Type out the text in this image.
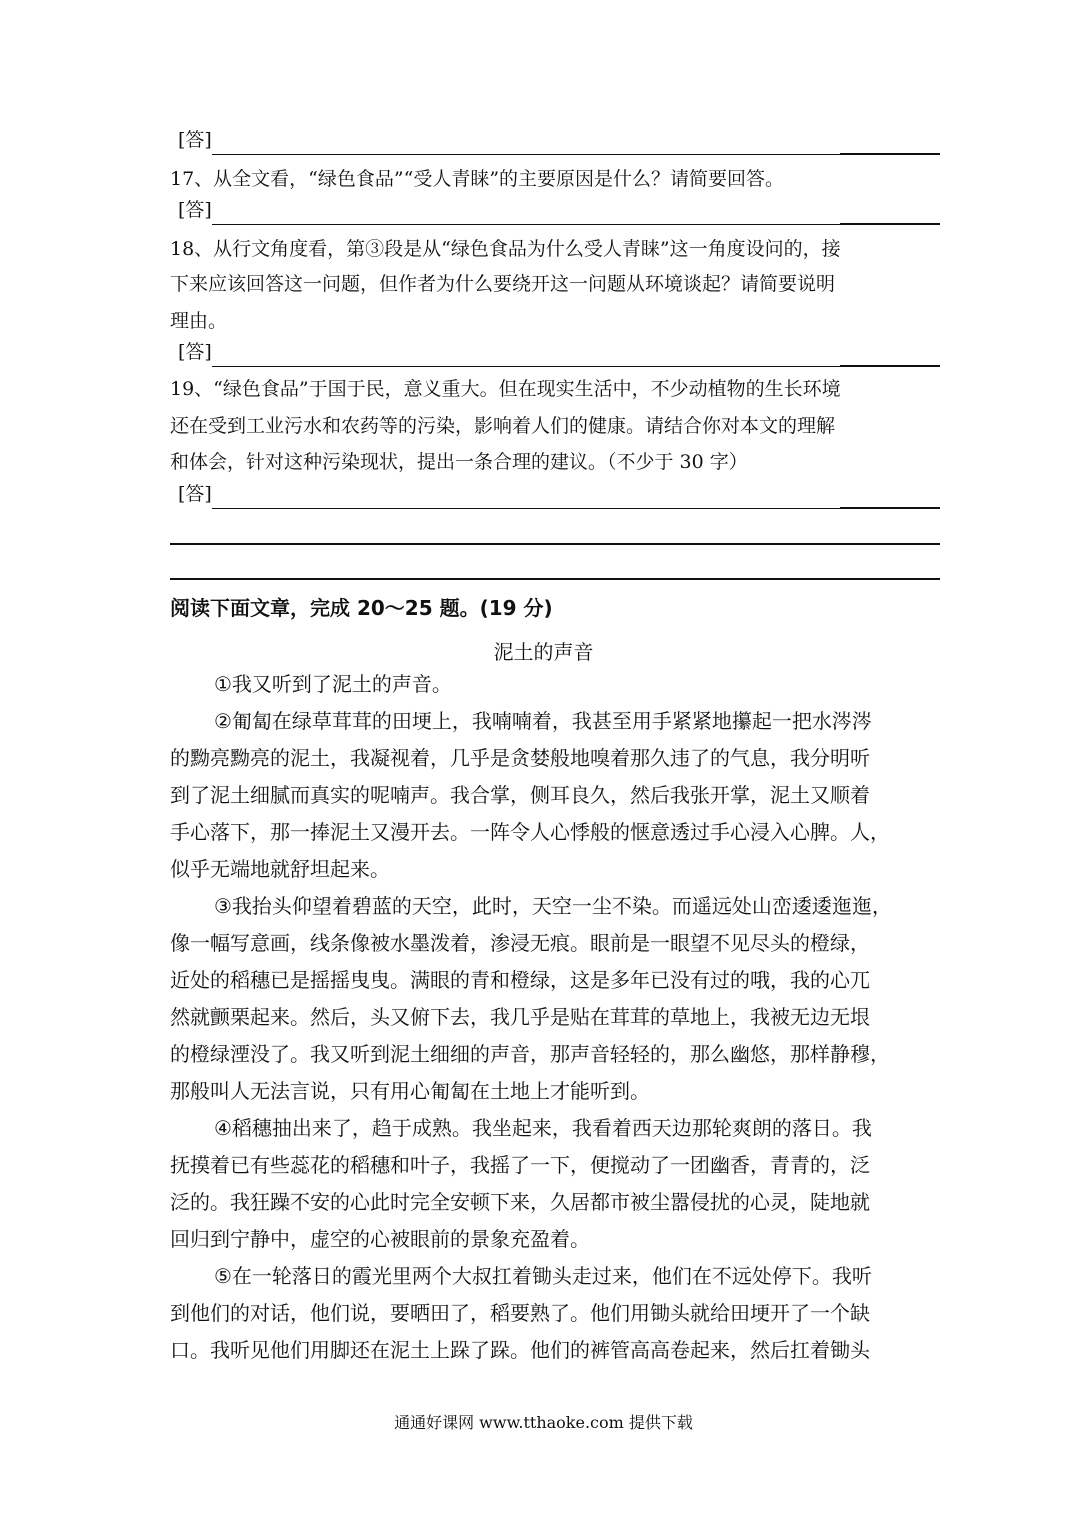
[答]
17、从全文看，“绿色食品”“受人青睐”的主要原因是什么？请简要回答。
[答]
18、从行文角度看，第③段是从“绿色食品为什么受人青睐”这一角度设问的，接
下来应该回答这一问题，但作者为什么要绕开这一问题从环境谈起？请简要说明
理由。
[答]
19、“绿色食品”于国于民，意义重大。但在现实生活中，不少动植物的生长环境
还在受到工业污水和农药等的污染，影响着人们的健康。请结合你对本文的理解
和体会，针对这种污染现状，提出一条合理的建议。（不少于 30 字）
[答]
阅读下面文章，完成 20～25 题。(19 分)
泥土的声音
①我又听到了泥土的声音。
②匍匐在绿草茸茸的田埂上，我喃喃着，我甚至用手紧紧地攥起一把水涔涔
的黝亮黝亮的泥土，我凝视着，几乎是贪婪般地嗅着那久违了的气息，我分明听
到了泥土细腻而真实的呢喃声。我合掌，侧耳良久，然后我张开掌，泥土又顺着
手心落下，那一捧泥土又漫开去。一阵令人心悸般的惬意透过手心浸入心脾。人，
似乎无端地就舒坦起来。
③我抬头仰望着碧蓝的天空，此时，天空一尘不染。而遥远处山峦逶逶迤迤，
像一幅写意画，线条像被水墨泼着，渗浸无痕。眼前是一眼望不见尽头的橙绿，
近处的稻穗已是摇摇曳曳。满眼的青和橙绿，这是多年已没有过的哦，我的心兀
然就颤栗起来。然后，头又俯下去，我几乎是贴在茸茸的草地上，我被无边无垠
的橙绿湮没了。我又听到泥土细细的声音，那声音轻轻的，那么幽悠，那样静穆，
那般叫人无法言说，只有用心匍匐在土地上才能听到。
④稻穗抽出来了，趋于成熟。我坐起来，我看着西天边那轮爽朗的落日。我
抚摸着已有些蕊花的稻穗和叶子，我摇了一下，便搅动了一团幽香，青青的，泛
泛的。我狂躁不安的心此时完全安顿下来，久居都市被尘嚣侵扰的心灵，陡地就
回归到宁静中，虚空的心被眼前的景象充盈着。
⑤在一轮落日的霞光里两个大叔扛着锄头走过来，他们在不远处停下。我听
到他们的对话，他们说，要晒田了，稻要熟了。他们用锄头就给田埂开了一个缺
口。我听见他们用脚还在泥土上跺了跺。他们的裤管高高卷起来，然后扛着锄头
通通好课网 www.tthaoke.com 提供下载
